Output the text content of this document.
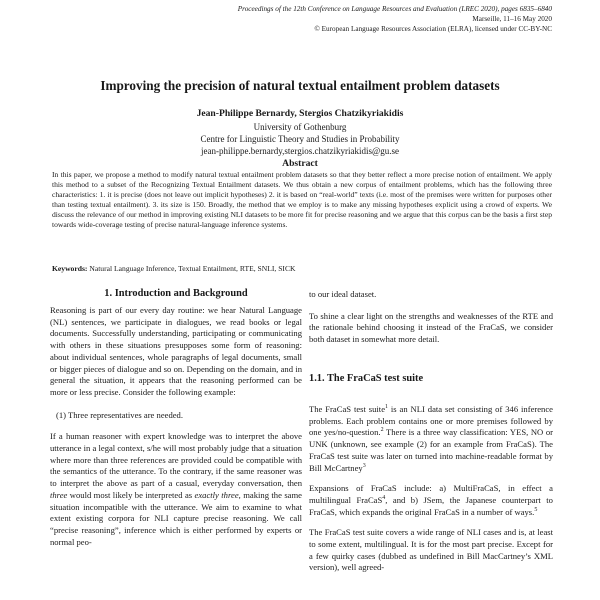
Proceedings of the 12th Conference on Language Resources and Evaluation (LREC 2020), pages 6835–6840
Marseille, 11–16 May 2020
© European Language Resources Association (ELRA), licensed under CC-BY-NC
Improving the precision of natural textual entailment problem datasets
Jean-Philippe Bernardy, Stergios Chatzikyriakidis
University of Gothenburg
Centre for Linguistic Theory and Studies in Probability
jean-philippe.bernardy,stergios.chatzikyriakidis@gu.se
Abstract
In this paper, we propose a method to modify natural textual entailment problem datasets so that they better reflect a more precise notion of entailment. We apply this method to a subset of the Recognizing Textual Entailment datasets. We thus obtain a new corpus of entailment problems, which has the following three characteristics: 1. it is precise (does not leave out implicit hypotheses) 2. it is based on “real-world” texts (i.e. most of the premises were written for purposes other than testing textual entailment). 3. its size is 150. Broadly, the method that we employ is to make any missing hypotheses explicit using a crowd of experts. We discuss the relevance of our method in improving existing NLI datasets to be more fit for precise reasoning and we argue that this corpus can be the basis a first step towards wide-coverage testing of precise natural-language inference systems.
Keywords: Natural Language Inference, Textual Entailment, RTE, SNLI, SICK
1. Introduction and Background

Reasoning is part of our every day routine: we hear Natural Language (NL) sentences, we participate in dialogues, we read books or legal documents. Successfully understanding, participating or communicating with others in these situations presupposes some form of reasoning: about individual sentences, whole paragraphs of legal documents, small or bigger pieces of dialogue and so on. Depending on the domain, and in general the situation, it appears that the reasoning performed can be more or less precise. Consider the following example:

(1) Three representatives are needed.

If a human reasoner with expert knowledge was to interpret the above utterance in a legal context, s/he will most probably judge that a situation where more than three references are provided could be compatible with the semantics of the utterance. To the contrary, if the same reasoner was to interpret the above as part of a casual, everyday conversation, then three would most likely be interpreted as exactly three, making the same situation incompatible with the utterance. We aim to examine to what extent existing corpora for NLI capture precise reasoning. We call “precise reasoning”, inference which is either performed by experts or normal peo-

to our ideal dataset.

To shine a clear light on the strengths and weaknesses of the RTE and the rationale behind choosing it instead of the FraCaS, we consider both dataset in somewhat more detail.

1.1. The FraCaS test suite

The FraCaS test suite$^1$ is an NLI data set consisting of 346 inference problems. Each problem contains one or more premises followed by one yes/no-question.$^2$ There is a three way classification: YES, NO or UNK (unknown, see example (2) for an example from FraCaS). The FraCaS test suite was later on turned into machine-readable format by Bill McCartney$^3$

Expansions of FraCaS include: a) MultiFraCaS, in effect a multilingual FraCaS$^4$, and b) JSem, the Japanese counterpart to FraCaS, which expands the original FraCaS in a number of ways.$^5$

The FraCaS test suite covers a wide range of NLI cases and is, at least to some extent, multilingual. It is for the most part precise. Except for a few quirky cases (dubbed as undefined in Bill MacCartney’s XML version), well agreed-
